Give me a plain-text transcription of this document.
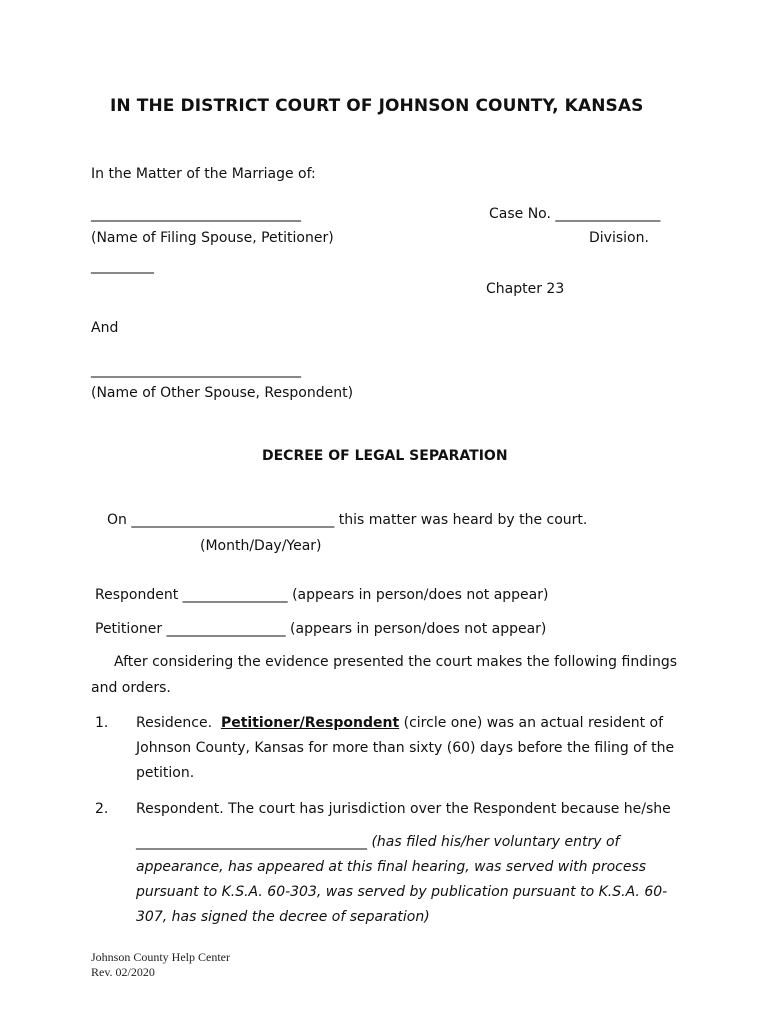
IN THE DISTRICT COURT OF JOHNSON COUNTY, KANSAS
In the Matter of the Marriage of:
______________________________
(Name of Filing Spouse, Petitioner)
_________
And
______________________________
(Name of Other Spouse, Respondent)
Case No. _______________
Division.
Chapter 23
DECREE OF LEGAL SEPARATION
On _____________________________ this matter was heard by the court.
(Month/Day/Year)
Respondent _______________ (appears in person/does not appear)
Petitioner _________________ (appears in person/does not appear)
After considering the evidence presented the court makes the following findings
and orders.
1. Residence. Petitioner/Respondent (circle one) was an actual resident of
Johnson County, Kansas for more than sixty (60) days before the filing of the
petition.
2. Respondent. The court has jurisdiction over the Respondent because he/she
_________________________________ (has filed his/her voluntary entry of
appearance, has appeared at this final hearing, was served with process
pursuant to K.S.A. 60-303, was served by publication pursuant to K.S.A. 60-
307, has signed the decree of separation)
Johnson County Help Center
Rev. 02/2020
